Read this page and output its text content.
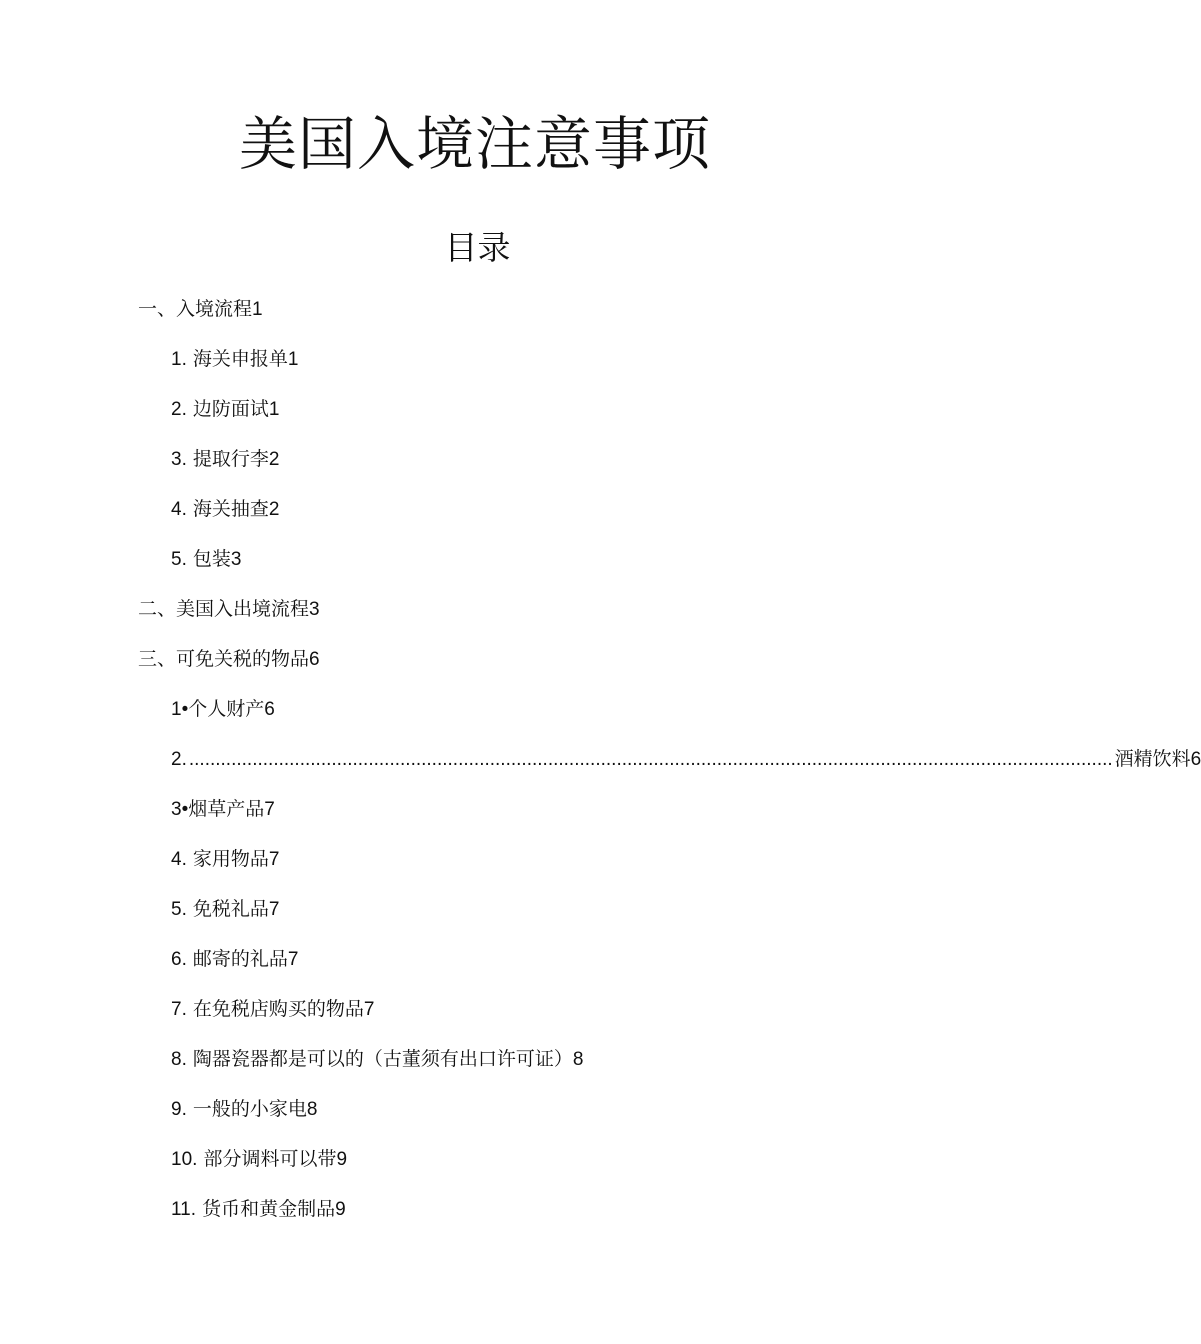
美国入境注意事项
目录
一、入境流程1
1. 海关申报单1
2. 边防面试1
3. 提取行李2
4. 海关抽查2
5. 包装3
二、美国入出境流程3
三、可免关税的物品6
1•个人财产6
2. ............................................................................................................................................................................... 酒精饮料 6
3•烟草产品7
4. 家用物品7
5. 免税礼品7
6. 邮寄的礼品7
7. 在免税店购买的物品7
8. 陶器瓷器都是可以的（古董须有出口许可证）8
9. 一般的小家电8
10. 部分调料可以带9
11. 货币和黄金制品9
